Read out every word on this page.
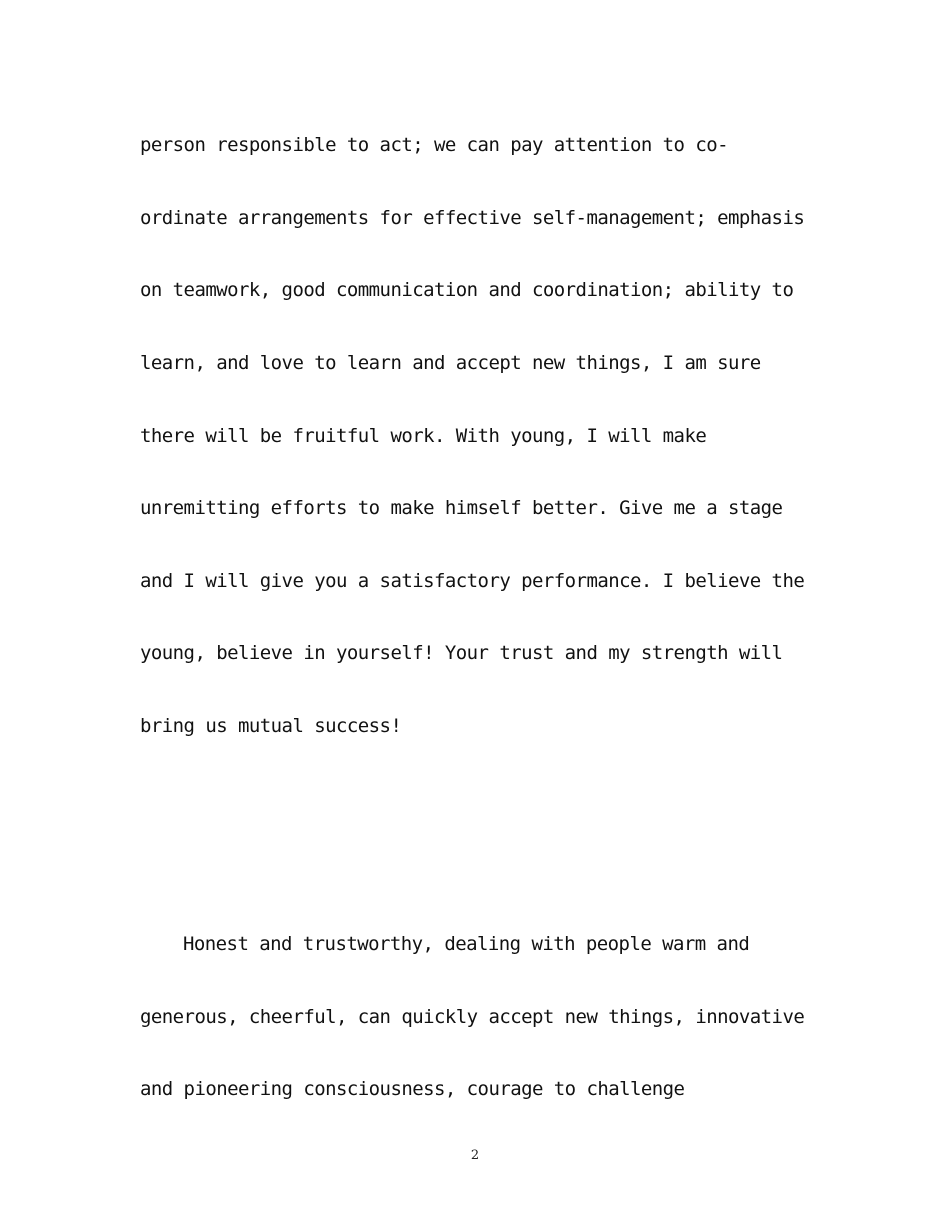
person responsible to act; we can pay attention to co-
ordinate arrangements for effective self-management; emphasis
on teamwork, good communication and coordination; ability to
learn, and love to learn and accept new things, I am sure
there will be fruitful work. With young, I will make
unremitting efforts to make himself better. Give me a stage
and I will give you a satisfactory performance. I believe the
young, believe in yourself! Your trust and my strength will
bring us mutual success!
Honest and trustworthy, dealing with people warm and
generous, cheerful, can quickly accept new things, innovative
and pioneering consciousness, courage to challenge
2
